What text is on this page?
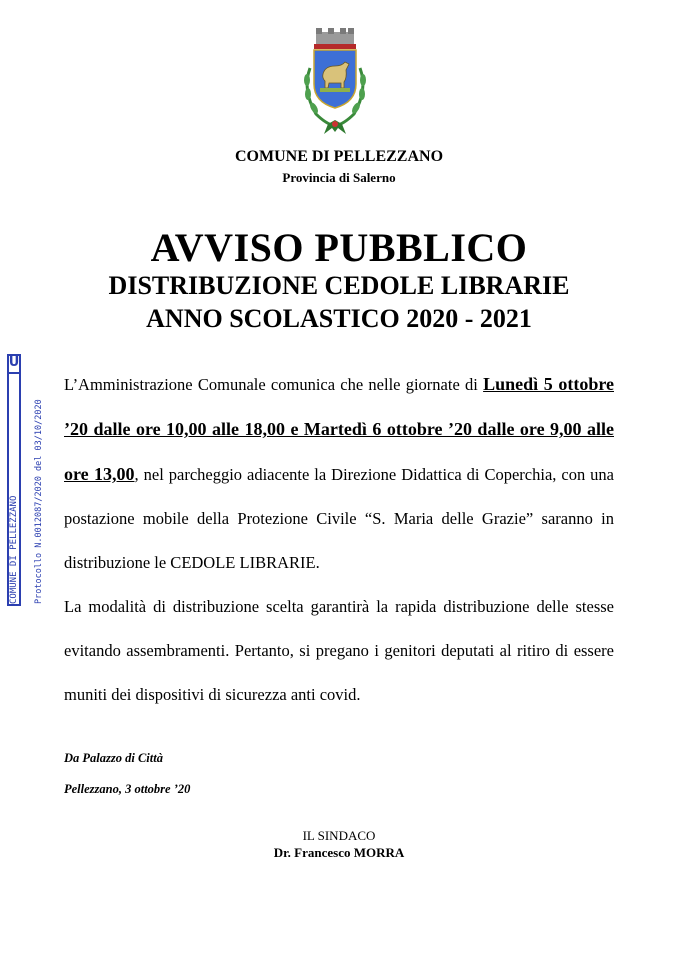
COMUNE DI PELLEZZANO
Provincia di Salerno
AVVISO PUBBLICO
DISTRIBUZIONE CEDOLE LIBRARIE
ANNO SCOLASTICO 2020 - 2021
U
COMUNE DI PELLEZZANO Protocollo N.0012087/2020 del 03/10/2020

L’Amministrazione Comunale comunica che nelle giornate di Lunedì 5 ottobre ’20 dalle ore 10,00 alle 18,00 e Martedì 6 ottobre ’20 dalle ore 9,00 alle ore 13,00, nel parcheggio adiacente la Direzione Didattica di Coperchia, con una postazione mobile della Protezione Civile “S. Maria delle Grazie” saranno in distribuzione le CEDOLE LIBRARIE.

La modalità di distribuzione scelta garantirà la rapida distribuzione delle stesse evitando assembramenti. Pertanto, si pregano i genitori deputati al ritiro di essere muniti dei dispositivi di sicurezza anti covid.

Da Palazzo di Città
Pellezzano, 3 ottobre ’20
IL SINDACO
Dr. Francesco MORRA
